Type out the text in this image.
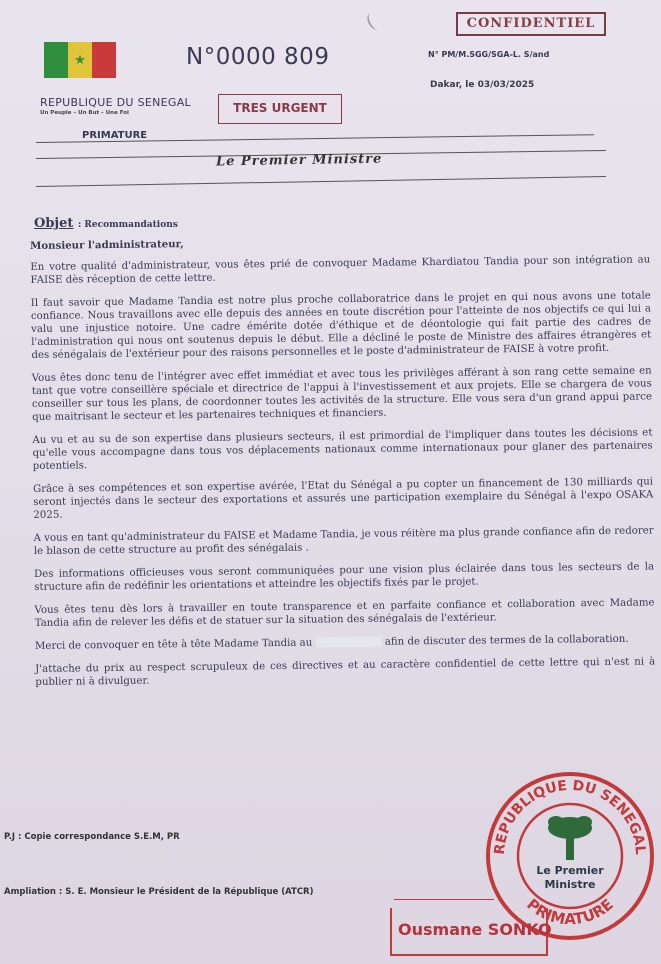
★	N°0000 809
CONFIDENTIEL
N° PM/M.SGG/SGA-L. S/and
Dakar, le 03/03/2025
REPUBLIQUE DU SENEGAL
Un Peuple – Un But – Une Foi	TRES URGENT
PRIMATURE
Le Premier Ministre
Objet : Recommandations

Monsieur l'administrateur,

En votre qualité d'administrateur, vous êtes prié de convoquer Madame Khardiatou Tandia pour son intégration au FAISE dès réception de cette lettre.

Il faut savoir que Madame Tandia est notre plus proche collaboratrice dans le projet en qui nous avons une totale confiance. Nous travaillons avec elle depuis des années en toute discrétion pour l'atteinte de nos objectifs ce qui lui a valu une injustice notoire. Une cadre émérite dotée d'éthique et de déontologie qui fait partie des cadres de l'administration qui nous ont soutenus depuis le début. Elle a décliné le poste de Ministre des affaires étrangères et des sénégalais de l'extérieur pour des raisons personnelles et le poste d'administrateur de FAISE à votre profit.

Vous êtes donc tenu de l'intégrer avec effet immédiat et avec tous les privilèges afférant à son rang cette semaine en tant que votre conseillère spéciale et directrice de l'appui à l'investissement et aux projets. Elle se chargera de vous conseiller sur tous les plans, de coordonner toutes les activités de la structure. Elle vous sera d'un grand appui parce que maitrisant le secteur et les partenaires techniques et financiers.

Au vu et au su de son expertise dans plusieurs secteurs, il est primordial de l'impliquer dans toutes les décisions et qu'elle vous accompagne dans tous vos déplacements nationaux comme internationaux pour glaner des partenaires potentiels.

Grâce à ses compétences et son expertise avérée, l'Etat du Sénégal a pu copter un financement de 130 milliards qui seront injectés dans le secteur des exportations et assurés une participation exemplaire du Sénégal à l'expo OSAKA 2025.

A vous en tant qu'administrateur du FAISE et Madame Tandia, je vous réitère ma plus grande confiance afin de redorer le blason de cette structure au profit des sénégalais .

Des informations officieuses vous seront communiquées pour une vision plus éclairée dans tous les secteurs de la structure afin de redéfinir les orientations et atteindre les objectifs fixés par le projet.

Vous êtes tenu dès lors à travailler en toute transparence et en parfaite confiance et collaboration avec Madame Tandia afin de relever les défis et de statuer sur la situation des sénégalais de l'extérieur.

Merci de convoquer en tête à tête Madame Tandia au	afin de discuter des termes de la collaboration.

J'attache du prix au respect scrupuleux de ces directives et au caractère confidentiel de cette lettre qui n'est ni à publier ni à divulguer.

P.J : Copie correspondance S.E.M, PR
Ampliation : S. E. Monsieur le Président de la République (ATCR)
REPUBLIQUE DU SENEGAL
PRIMATURE
Le Premier
Ministre
Ousmane SONKO
